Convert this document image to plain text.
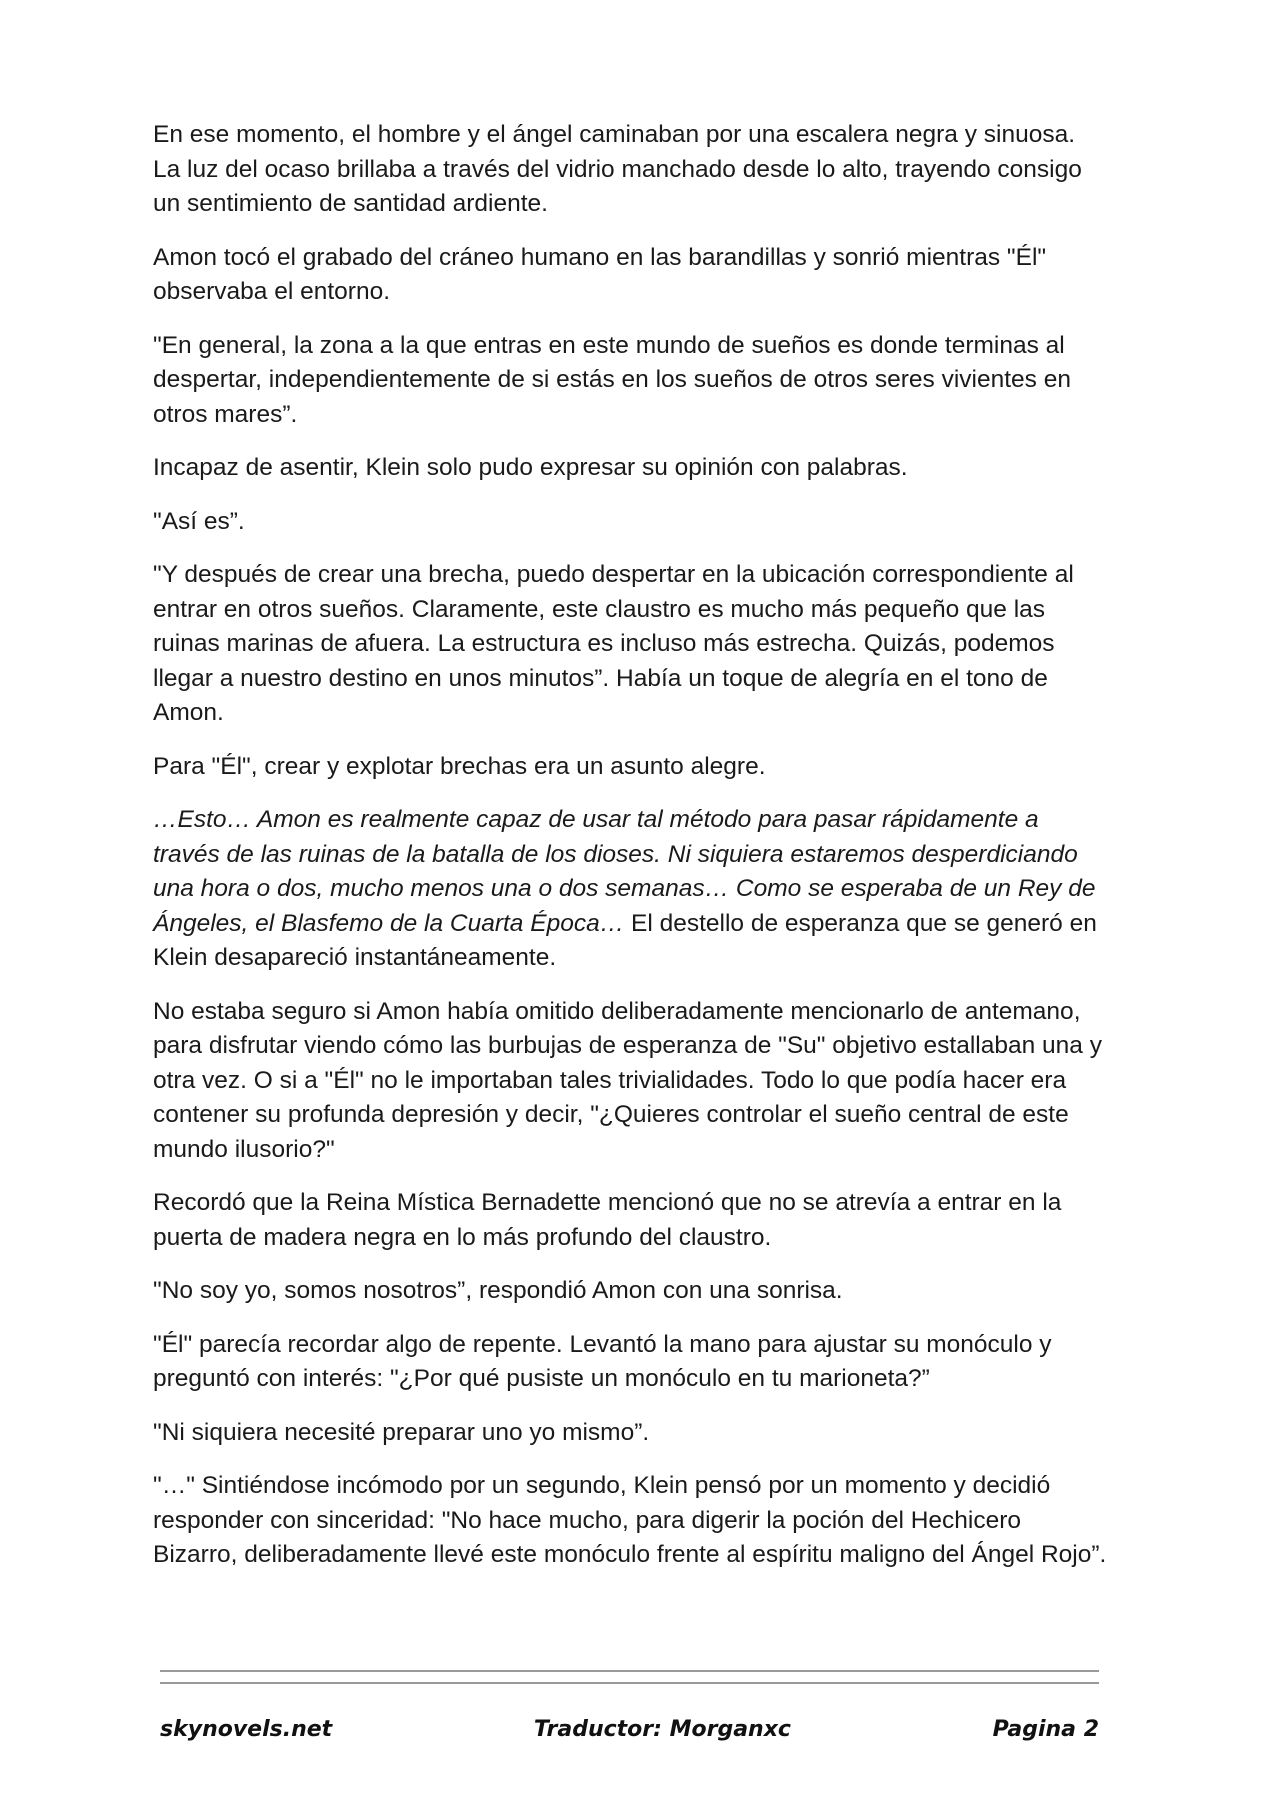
En ese momento, el hombre y el ángel caminaban por una escalera negra y sinuosa. La luz del ocaso brillaba a través del vidrio manchado desde lo alto, trayendo consigo un sentimiento de santidad ardiente.

Amon tocó el grabado del cráneo humano en las barandillas y sonrió mientras "Él" observaba el entorno.

"En general, la zona a la que entras en este mundo de sueños es donde terminas al despertar, independientemente de si estás en los sueños de otros seres vivientes en otros mares”.

Incapaz de asentir, Klein solo pudo expresar su opinión con palabras.

"Así es”.

"Y después de crear una brecha, puedo despertar en la ubicación correspondiente al entrar en otros sueños. Claramente, este claustro es mucho más pequeño que las ruinas marinas de afuera. La estructura es incluso más estrecha. Quizás, podemos llegar a nuestro destino en unos minutos”. Había un toque de alegría en el tono de Amon.

Para "Él", crear y explotar brechas era un asunto alegre.

…Esto… Amon es realmente capaz de usar tal método para pasar rápidamente a través de las ruinas de la batalla de los dioses. Ni siquiera estaremos desperdiciando una hora o dos, mucho menos una o dos semanas… Como se esperaba de un Rey de Ángeles, el Blasfemo de la Cuarta Época… El destello de esperanza que se generó en Klein desapareció instantáneamente.

No estaba seguro si Amon había omitido deliberadamente mencionarlo de antemano, para disfrutar viendo cómo las burbujas de esperanza de "Su" objetivo estallaban una y otra vez. O si a "Él" no le importaban tales trivialidades. Todo lo que podía hacer era contener su profunda depresión y decir, "¿Quieres controlar el sueño central de este mundo ilusorio?"

Recordó que la Reina Mística Bernadette mencionó que no se atrevía a entrar en la puerta de madera negra en lo más profundo del claustro.

"No soy yo, somos nosotros”, respondió Amon con una sonrisa.

"Él" parecía recordar algo de repente. Levantó la mano para ajustar su monóculo y preguntó con interés: "¿Por qué pusiste un monóculo en tu marioneta?”

"Ni siquiera necesité preparar uno yo mismo”.

"…" Sintiéndose incómodo por un segundo, Klein pensó por un momento y decidió responder con sinceridad: "No hace mucho, para digerir la poción del Hechicero Bizarro, deliberadamente llevé este monóculo frente al espíritu maligno del Ángel Rojo”.

skynovels.net	Traductor: Morganxc	Pagina 2
